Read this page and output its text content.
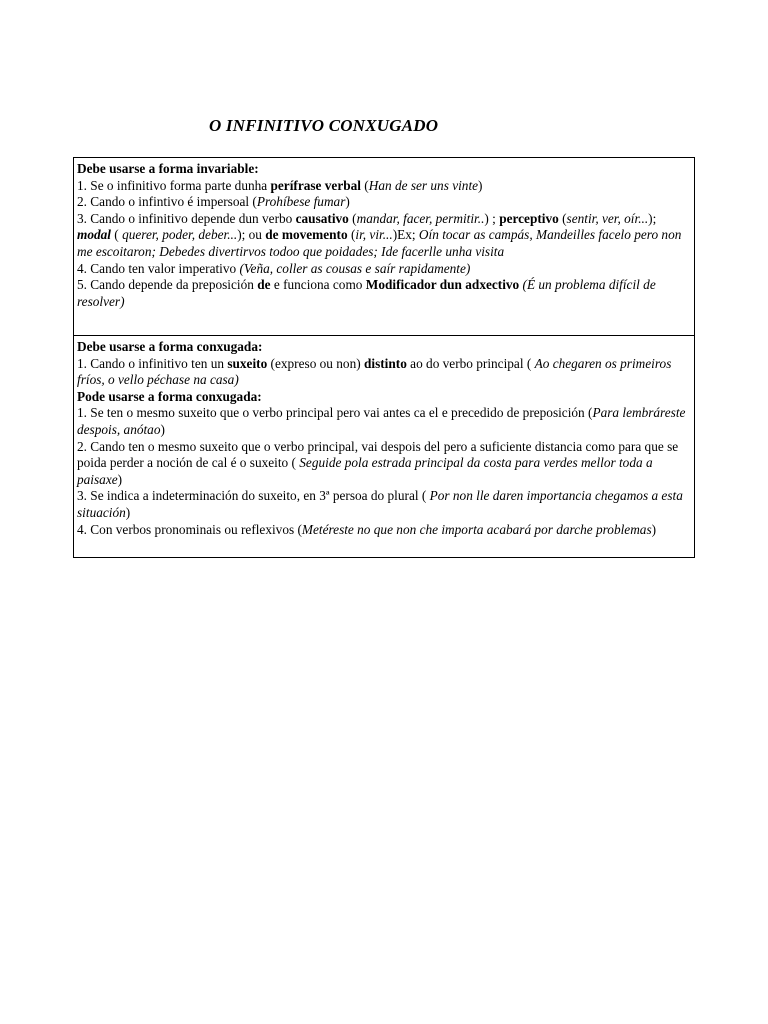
O INFINITIVO CONXUGADO

Debe usarse a forma invariable:

1. Se o infinitivo forma parte dunha perífrase verbal (Han de ser uns vinte)

2. Cando o infintivo é impersoal (Prohíbese fumar)

3. Cando o infinitivo depende dun verbo causativo (mandar, facer, permitir..) ; perceptivo (sentir, ver, oír...); modal ( querer, poder, deber...); ou de movemento (ir, vir...)Ex; Oín tocar as campás, Mandeilles facelo pero non me escoitaron; Debedes divertirvos todoo que poidades; Ide facerlle unha visita

4. Cando ten valor imperativo (Veña, coller as cousas e saír rapidamente)

5. Cando depende da preposición de e funciona como Modificador dun adxectivo (É un problema difícil de resolver)

Debe usarse a forma conxugada:

1. Cando o infinitivo ten un suxeito (expreso ou non) distinto ao do verbo principal ( Ao chegaren os primeiros fríos, o vello péchase na casa)

Pode usarse a forma conxugada:

1. Se ten o mesmo suxeito que o verbo principal pero vai antes ca el e precedido de preposición (Para lembráreste despois, anótao)

2. Cando ten o mesmo suxeito que o verbo principal, vai despois del pero a suficiente distancia como para que se poida perder a noción de cal é o suxeito ( Seguide pola estrada principal da costa para verdes mellor toda a paisaxe)

3. Se indica a indeterminación do suxeito, en 3ª persoa do plural ( Por non lle daren importancia chegamos a esta situación)

4. Con verbos pronominais ou reflexivos (Metéreste no que non che importa acabará por darche problemas)
